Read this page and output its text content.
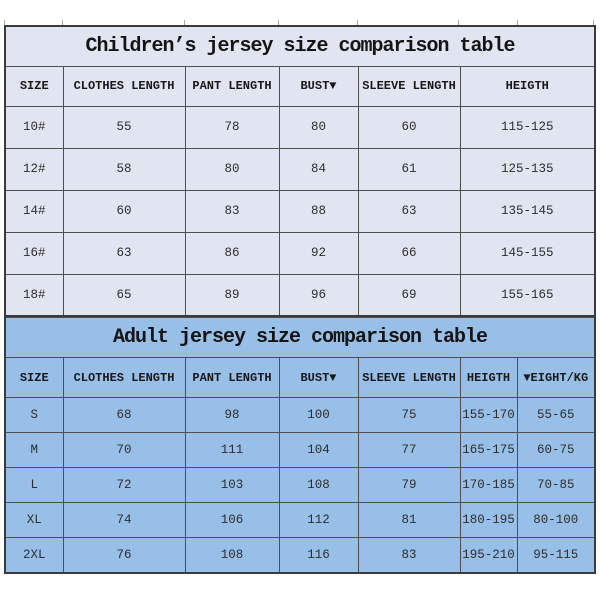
Children’s jersey size comparison table					
SIZE	CLOTHES LENGTH	PANT LENGTH	BUST▼	SLEEVE LENGTH	HEIGTH
10#	55	78	80	60	115-125
12#	58	80	84	61	125-135
14#	60	83	88	63	135-145
16#	63	86	92	66	145-155
18#	65	89	96	69	155-165
Adult jersey size comparison table						
SIZE	CLOTHES LENGTH	PANT LENGTH	BUST▼	SLEEVE LENGTH	HEIGTH	▼EIGHT/KG
S	68	98	100	75	155-170	55-65
M	70	111	104	77	165-175	60-75
L	72	103	108	79	170-185	70-85
XL	74	106	112	81	180-195	80-100
2XL	76	108	116	83	195-210	95-115
